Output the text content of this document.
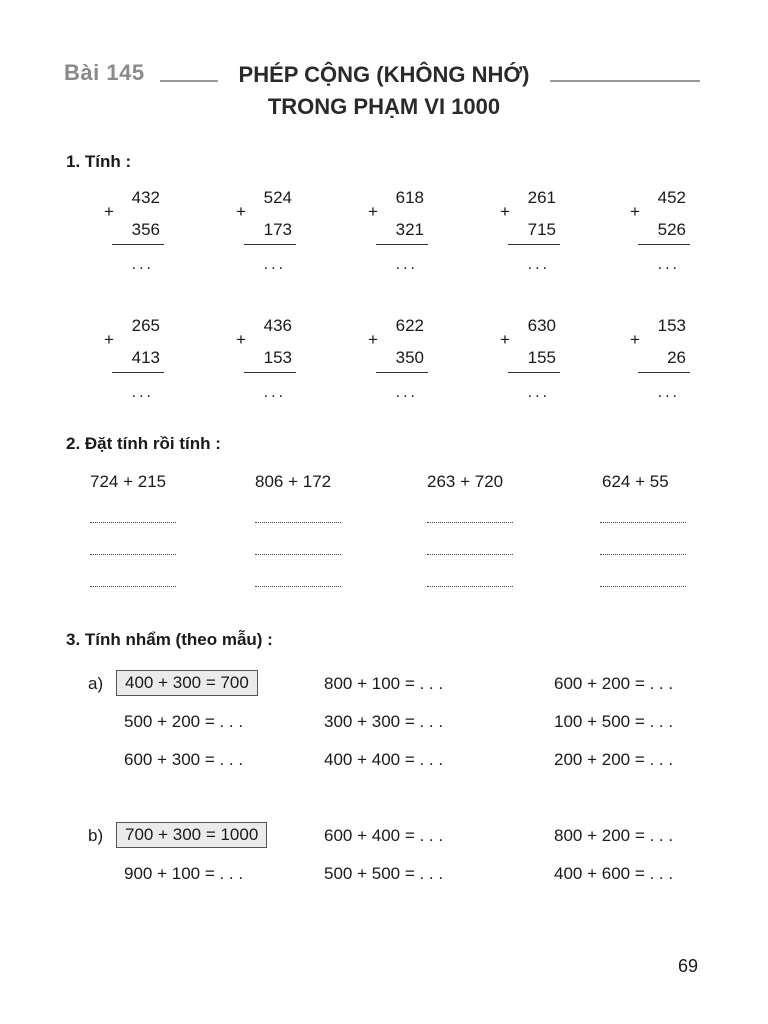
Bài 145	PHÉP CỘNG (KHÔNG NHỚ)
TRONG PHẠM VI 1000
1. Tính :
432
+
356
...
524
+
173
...
618
+
321
...
261
+
715
...
452
+
526
...
265
+
413
...
436
+
153
...
622
+
350
...
630
+
155
...
153
+
26
...
2. Đặt tính rồi tính :
724 + 215	806 + 172	263 + 720	624 + 55
3. Tính nhẩm (theo mẫu) :
a)	400 + 300 = 700	800 + 100 = . . .	600 + 200 = . . .
500 + 200 = . . .	300 + 300 = . . .	100 + 500 = . . .
600 + 300 = . . .	400 + 400 = . . .	200 + 200 = . . .
b)	700 + 300 = 1000	600 + 400 = . . .	800 + 200 = . . .
900 + 100 = . . .	500 + 500 = . . .	400 + 600 = . . .
69
